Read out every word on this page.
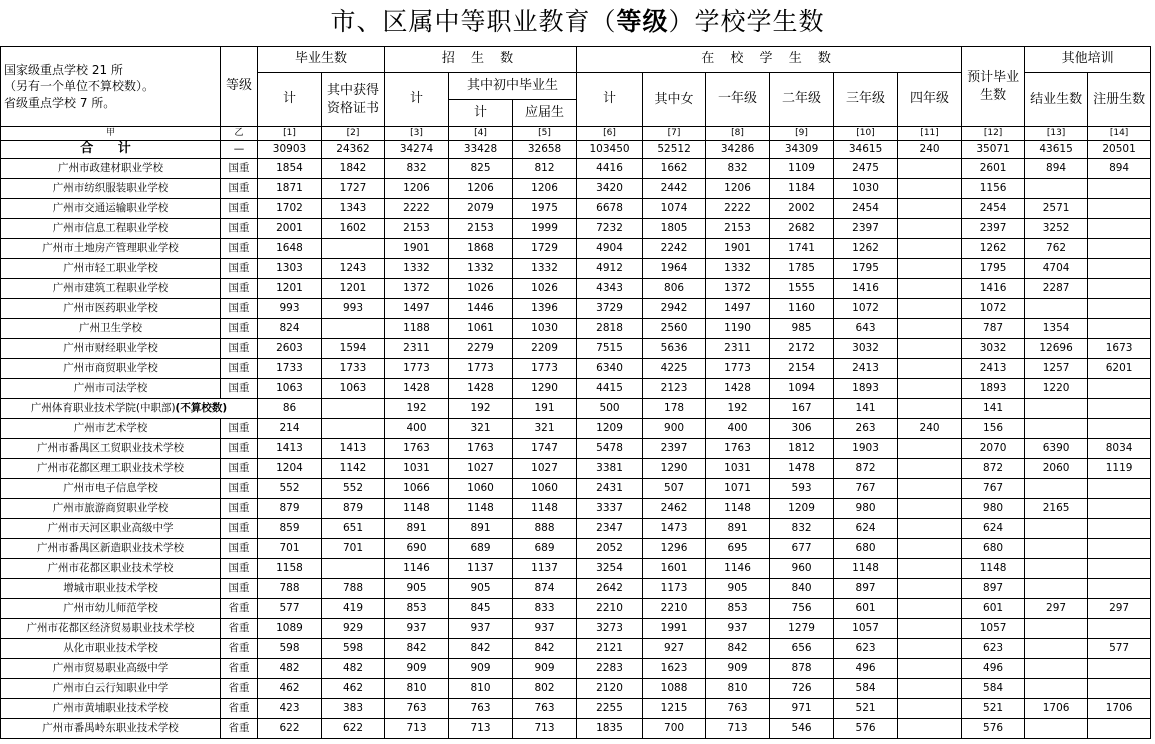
市、区属中等职业教育（等级）学校学生数
国家级重点学校 21 所
（另有一个单位不算校数）。
省级重点学校 7 所。	等级	毕业生数		招 生 数			在 校 学 生 数						预计毕业生数	其他培训	
		计	其中获得资格证书	计	其中初中毕业生		计	其中女	一年级	二年级	三年级	四年级		结业生数	注册生数
					计	应届生									
甲	乙	[1]	[2]	[3]	[4]	[5]	[6]	[7]	[8]	[9]	[10]	[11]	[12]	[13]	[14]
合 计	—	30903	24362	34274	33428	32658	103450	52512	34286	34309	34615	240	35071	43615	20501
广州市政建材职业学校	国重	1854	1842	832	825	812	4416	1662	832	1109	2475		2601	894	894
广州市纺织服装职业学校	国重	1871	1727	1206	1206	1206	3420	2442	1206	1184	1030		1156		
广州市交通运输职业学校	国重	1702	1343	2222	2079	1975	6678	1074	2222	2002	2454		2454	2571	
广州市信息工程职业学校	国重	2001	1602	2153	2153	1999	7232	1805	2153	2682	2397		2397	3252	
广州市土地房产管理职业学校	国重	1648		1901	1868	1729	4904	2242	1901	1741	1262		1262	762	
广州市轻工职业学校	国重	1303	1243	1332	1332	1332	4912	1964	1332	1785	1795		1795	4704	
广州市建筑工程职业学校	国重	1201	1201	1372	1026	1026	4343	806	1372	1555	1416		1416	2287	
广州市医药职业学校	国重	993	993	1497	1446	1396	3729	2942	1497	1160	1072		1072		
广州卫生学校	国重	824		1188	1061	1030	2818	2560	1190	985	643		787	1354	
广州市财经职业学校	国重	2603	1594	2311	2279	2209	7515	5636	2311	2172	3032		3032	12696	1673
广州市商贸职业学校	国重	1733	1733	1773	1773	1773	6340	4225	1773	2154	2413		2413	1257	6201
广州市司法学校	国重	1063	1063	1428	1428	1290	4415	2123	1428	1094	1893		1893	1220	
广州体育职业技术学院(中职部)(不算校数)		86		192	192	191	500	178	192	167	141		141		
广州市艺术学校	国重	214		400	321	321	1209	900	400	306	263	240	156		
广州市番禺区工贸职业技术学校	国重	1413	1413	1763	1763	1747	5478	2397	1763	1812	1903		2070	6390	8034
广州市花都区理工职业技术学校	国重	1204	1142	1031	1027	1027	3381	1290	1031	1478	872		872	2060	1119
广州市电子信息学校	国重	552	552	1066	1060	1060	2431	507	1071	593	767		767		
广州市旅游商贸职业学校	国重	879	879	1148	1148	1148	3337	2462	1148	1209	980		980	2165	
广州市天河区职业高级中学	国重	859	651	891	891	888	2347	1473	891	832	624		624		
广州市番禺区新造职业技术学校	国重	701	701	690	689	689	2052	1296	695	677	680		680		
广州市花都区职业技术学校	国重	1158		1146	1137	1137	3254	1601	1146	960	1148		1148		
增城市职业技术学校	国重	788	788	905	905	874	2642	1173	905	840	897		897		
广州市幼儿师范学校	省重	577	419	853	845	833	2210	2210	853	756	601		601	297	297
广州市花都区经济贸易职业技术学校	省重	1089	929	937	937	937	3273	1991	937	1279	1057		1057		
从化市职业技术学校	省重	598	598	842	842	842	2121	927	842	656	623		623		577
广州市贸易职业高级中学	省重	482	482	909	909	909	2283	1623	909	878	496		496		
广州市白云行知职业中学	省重	462	462	810	810	802	2120	1088	810	726	584		584		
广州市黄埔职业技术学校	省重	423	383	763	763	763	2255	1215	763	971	521		521	1706	1706
广州市番禺岭东职业技术学校	省重	622	622	713	713	713	1835	700	713	546	576		576		
